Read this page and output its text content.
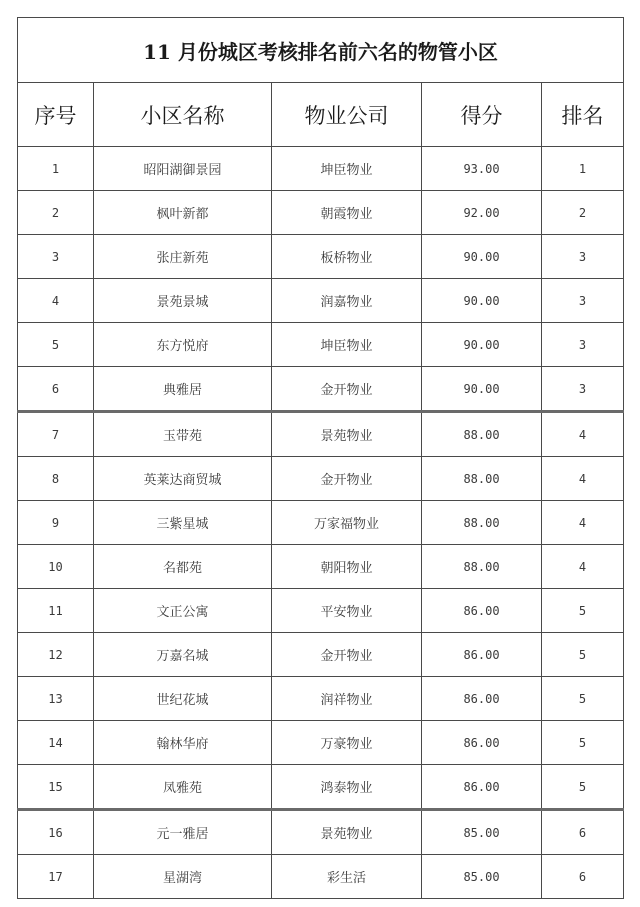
11 月份城区考核排名前六名的物管小区				
序号	小区名称	物业公司	得分	排名
1	昭阳湖御景园	坤臣物业	93.00	1
2	枫叶新都	朝霞物业	92.00	2
3	张庄新苑	板桥物业	90.00	3
4	景苑景城	润嘉物业	90.00	3
5	东方悦府	坤臣物业	90.00	3
6	典雅居	金开物业	90.00	3
7	玉带苑	景苑物业	88.00	4
8	英莱达商贸城	金开物业	88.00	4
9	三紫星城	万家福物业	88.00	4
10	名都苑	朝阳物业	88.00	4
11	文正公寓	平安物业	86.00	5
12	万嘉名城	金开物业	86.00	5
13	世纪花城	润祥物业	86.00	5
14	翰林华府	万豪物业	86.00	5
15	凤雅苑	鸿泰物业	86.00	5
16	元一雅居	景苑物业	85.00	6
17	星湖湾	彩生活	85.00	6
